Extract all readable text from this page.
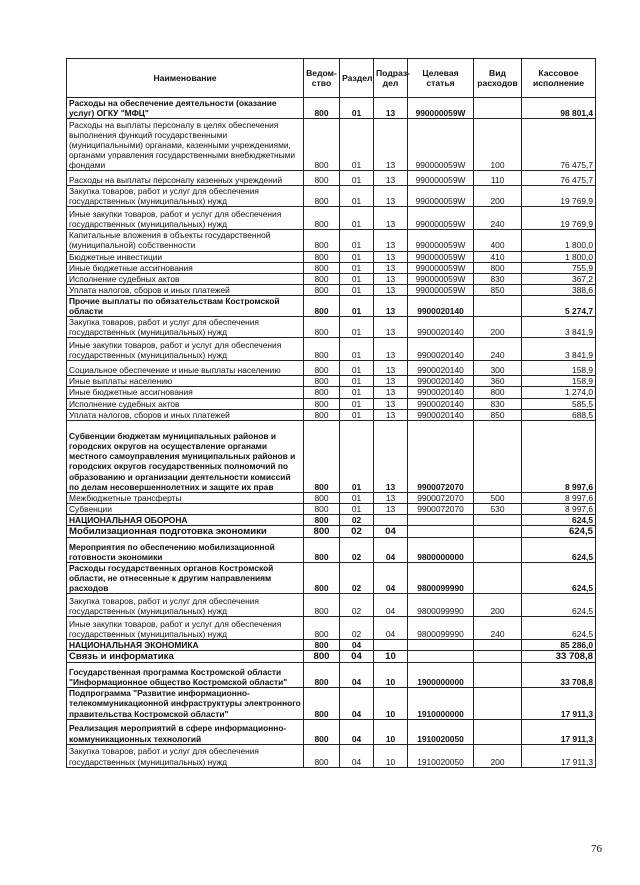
Наименование	Ведом-ство	Раздел	Подраз-дел	Целевая статья	Вид расходов	Кассовое исполнение
Расходы на обеспечение деятельности (оказание услуг) ОГКУ "МФЦ"	800	01	13	990000059W		98 801,4
Расходы на выплаты персоналу в целях обеспечения выполнения функций государственными (муниципальными) органами, казенными учреждениями, органами управления государственными внебюджетными фондами	800	01	13	990000059W	100	76 475,7
Расходы на выплаты персоналу казенных учреждений	800	01	13	990000059W	110	76 475,7
Закупка товаров, работ и услуг для обеспечения государственных (муниципальных) нужд	800	01	13	990000059W	200	19 769,9
Иные закупки товаров, работ и услуг для обеспечения государственных (муниципальных) нужд	800	01	13	990000059W	240	19 769,9
Капитальные вложения в объекты государственной (муниципальной) собственности	800	01	13	990000059W	400	1 800,0
Бюджетные инвестиции	800	01	13	990000059W	410	1 800,0
Иные бюджетные ассигнования	800	01	13	990000059W	800	755,9
Исполнение судебных актов	800	01	13	990000059W	830	367,2
Уплата налогов, сборов и иных платежей	800	01	13	990000059W	850	388,6
Прочие выплаты по обязательствам Костромской области	800	01	13	9900020140		5 274,7
Закупка товаров, работ и услуг для обеспечения государственных (муниципальных) нужд	800	01	13	9900020140	200	3 841,9
Иные закупки товаров, работ и услуг для обеспечения государственных (муниципальных) нужд	800	01	13	9900020140	240	3 841,9
Социальное обеспечение и иные выплаты населению	800	01	13	9900020140	300	158,9
Иные выплаты населению	800	01	13	9900020140	360	158,9
Иные бюджетные ассигнования	800	01	13	9900020140	800	1 274,0
Исполнение судебных актов	800	01	13	9900020140	830	585,5
Уплата налогов, сборов и иных платежей	800	01	13	9900020140	850	688,5
Субвенции бюджетам муниципальных районов и городских округов на осуществление органами местного самоуправления муниципальных районов и городских округов государственных полномочий по образованию и организации деятельности комиссий по делам несовершеннолетних и защите их прав	800	01	13	9900072070		8 997,6
Межбюджетные трансферты	800	01	13	9900072070	500	8 997,6
Субвенции	800	01	13	9900072070	530	8 997,6
НАЦИОНАЛЬНАЯ ОБОРОНА	800	02				624,5
Мобилизационная подготовка экономики	800	02	04			624,5
Мероприятия по обеспечению мобилизационной готовности экономики	800	02	04	9800000000		624,5
Расходы государственных органов Костромской области, не отнесенные к другим направлениям расходов	800	02	04	9800099990		624,5
Закупка товаров, работ и услуг для обеспечения государственных (муниципальных) нужд	800	02	04	9800099990	200	624,5
Иные закупки товаров, работ и услуг для обеспечения государственных (муниципальных) нужд	800	02	04	9800099990	240	624,5
НАЦИОНАЛЬНАЯ ЭКОНОМИКА	800	04				85 286,0
Связь и информатика	800	04	10			33 708,8
Государственная программа Костромской области "Информационное общество Костромской области"	800	04	10	1900000000		33 708,8
Подпрограмма "Развитие информационно-телекоммуникационной инфраструктуры электронного правительства Костромской области"	800	04	10	1910000000		17 911,3
Реализация мероприятий в сфере информационно-коммуникационных технологий	800	04	10	1910020050		17 911,3
Закупка товаров, работ и услуг для обеспечения государственных (муниципальных) нужд	800	04	10	1910020050	200	17 911,3
76
